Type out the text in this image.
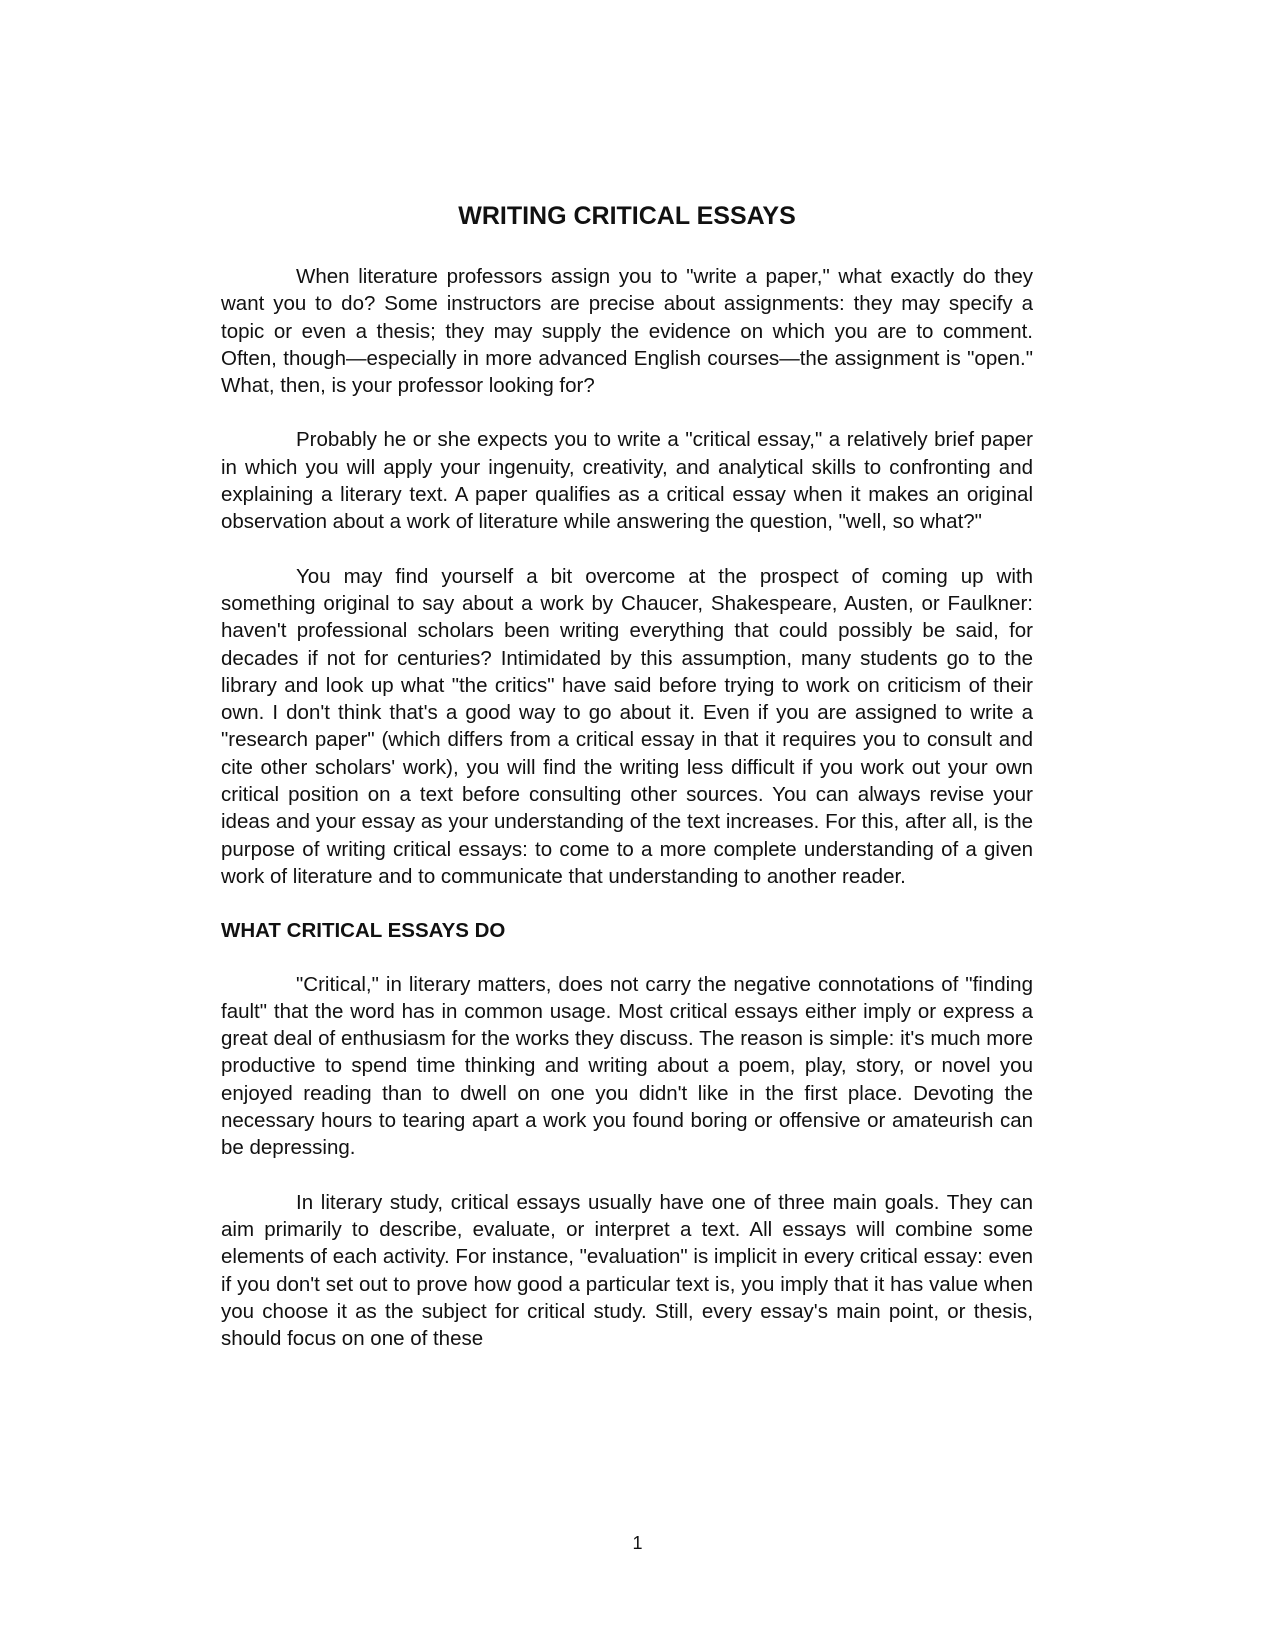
WRITING CRITICAL ESSAYS

When literature professors assign you to "write a paper," what exactly do they want you to do? Some instructors are precise about assignments: they may specify a topic or even a thesis; they may supply the evidence on which you are to comment. Often, though—especially in more advanced English courses—the assignment is "open." What, then, is your professor looking for?

Probably he or she expects you to write a "critical essay," a relatively brief paper in which you will apply your ingenuity, creativity, and analytical skills to confronting and explaining a literary text. A paper qualifies as a critical essay when it makes an original observation about a work of literature while answering the question, "well, so what?"

You may find yourself a bit overcome at the prospect of coming up with something original to say about a work by Chaucer, Shakespeare, Austen, or Faulkner: haven't professional scholars been writing everything that could possibly be said, for decades if not for centuries? Intimidated by this assumption, many students go to the library and look up what "the critics" have said before trying to work on criticism of their own. I don't think that's a good way to go about it. Even if you are assigned to write a "research paper" (which differs from a critical essay in that it requires you to consult and cite other scholars' work), you will find the writing less difficult if you work out your own critical position on a text before consulting other sources. You can always revise your ideas and your essay as your understanding of the text increases. For this, after all, is the purpose of writing critical essays: to come to a more complete understanding of a given work of literature and to communicate that understanding to another reader.

WHAT CRITICAL ESSAYS DO

"Critical," in literary matters, does not carry the negative connotations of "finding fault" that the word has in common usage. Most critical essays either imply or express a great deal of enthusiasm for the works they discuss. The reason is simple: it's much more productive to spend time thinking and writing about a poem, play, story, or novel you enjoyed reading than to dwell on one you didn't like in the first place. Devoting the necessary hours to tearing apart a work you found boring or offensive or amateurish can be depressing.

In literary study, critical essays usually have one of three main goals. They can aim primarily to describe, evaluate, or interpret a text. All essays will combine some elements of each activity. For instance, "evaluation" is implicit in every critical essay: even if you don't set out to prove how good a particular text is, you imply that it has value when you choose it as the subject for critical study. Still, every essay's main point, or thesis, should focus on one of these

1
